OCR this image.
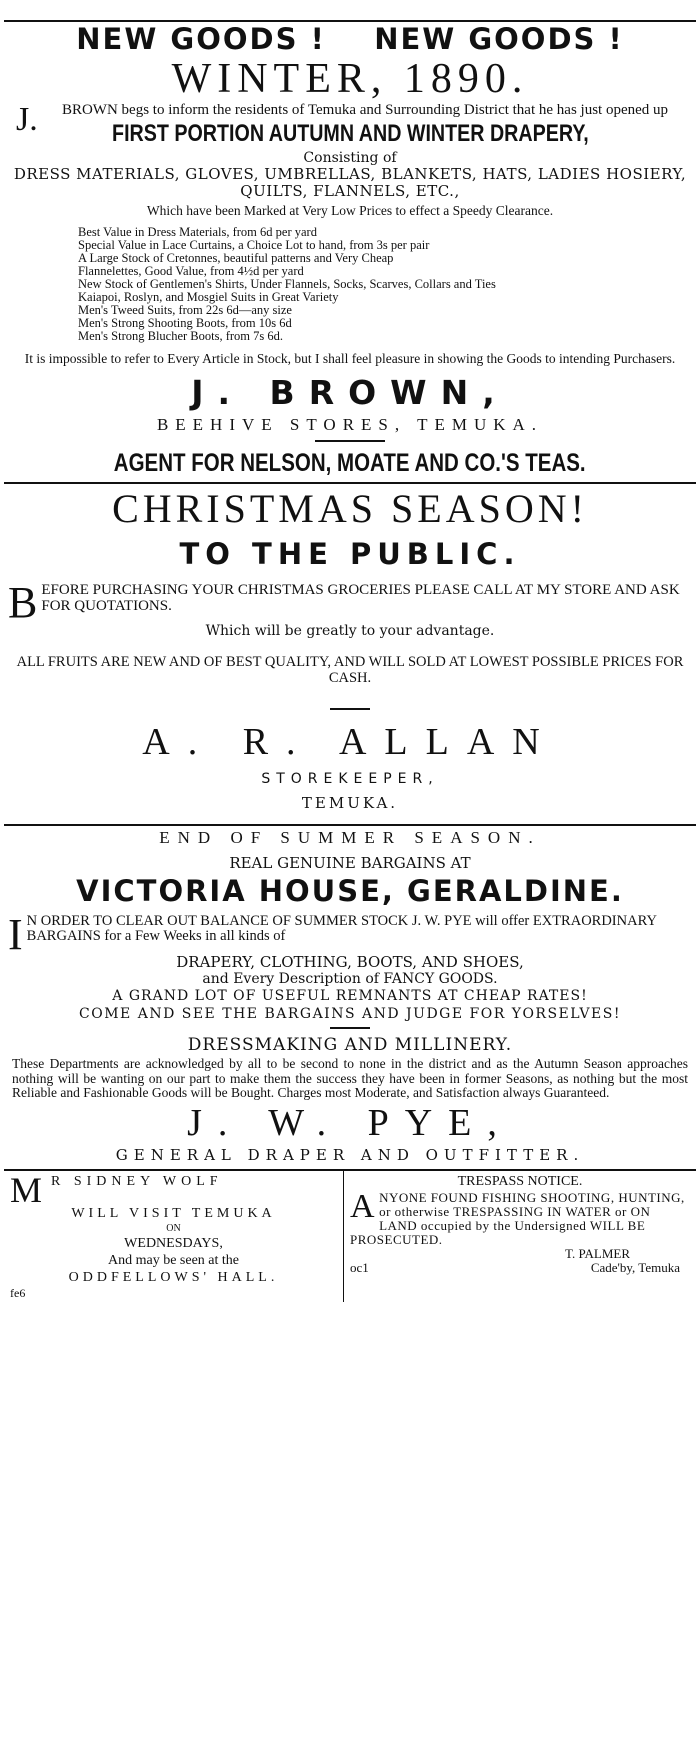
NEW GOODS !    NEW GOODS !
WINTER, 1890.
J. BROWN begs to inform the residents of Temuka and Surrounding District that he has just opened up
FIRST PORTION AUTUMN AND WINTER DRAPERY,
Consisting of
DRESS MATERIALS, GLOVES, UMBRELLAS, BLANKETS, HATS, LADIES HOSIERY, QUILTS, FLANNELS, ETC.,
Which have been Marked at Very Low Prices to effect a Speedy Clearance.
Best Value in Dress Materials, from 6d per yard
Special Value in Lace Curtains, a Choice Lot to hand, from 3s per pair
A Large Stock of Cretonnes, beautiful patterns and Very Cheap
Flannelettes, Good Value, from 4½d per yard
New Stock of Gentlemen's Shirts, Under Flannels, Socks, Scarves, Collars and Ties
Kaiapoi, Roslyn, and Mosgiel Suits in Great Variety
Men's Tweed Suits, from 22s 6d—any size
Men's Strong Shooting Boots, from 10s 6d
Men's Strong Blucher Boots, from 7s 6d.
It is impossible to refer to Every Article in Stock, but I shall feel pleasure in showing the Goods to intending Purchasers.
J. BROWN,
BEEHIVE STORES, TEMUKA.
AGENT FOR NELSON, MOATE AND CO.'S TEAS.
CHRISTMAS SEASON!
TO THE PUBLIC.
B EFORE PURCHASING YOUR CHRISTMAS GROCERIES PLEASE CALL AT MY STORE AND ASK FOR QUOTATIONS.
Which will be greatly to your advantage.
ALL FRUITS ARE NEW AND OF BEST QUALITY, AND WILL SOLD AT LOWEST POSSIBLE PRICES FOR CASH.
A. R. ALLAN
STOREKEEPER,
TEMUKA.
END OF SUMMER SEASON.
REAL GENUINE BARGAINS AT
VICTORIA HOUSE, GERALDINE.
I N ORDER TO CLEAR OUT BALANCE OF SUMMER STOCK J. W. PYE will offer EXTRAORDINARY BARGAINS for a Few Weeks in all kinds of
DRAPERY, CLOTHING, BOOTS, AND SHOES,
and Every Description of FANCY GOODS.
A GRAND LOT OF USEFUL REMNANTS AT CHEAP RATES!
COME AND SEE THE BARGAINS AND JUDGE FOR YORSELVES!
DRESSMAKING AND MILLINERY.
These Departments are acknowledged by all to be second to none in the district and as the Autumn Season approaches nothing will be wanting on our part to make them the success they have been in former Seasons, as nothing but the most Reliable and Fashionable Goods will be Bought. Charges most Moderate, and Satisfaction always Guaranteed.
J. W. PYE,
GENERAL DRAPER AND OUTFITTER.
M R SIDNEY WOLF
WILL VISIT TEMUKA
ON
WEDNESDAYS,
And may be seen at the
ODDFELLOWS' HALL.
fe6
TRESPASS NOTICE.
A NYONE FOUND FISHING SHOOTING, HUNTING, or otherwise TRESPASSING IN WATER or ON LAND occupied by the Undersigned WILL BE PROSECUTED.
T. PALMER
oc1	Cade'by, Temuka
